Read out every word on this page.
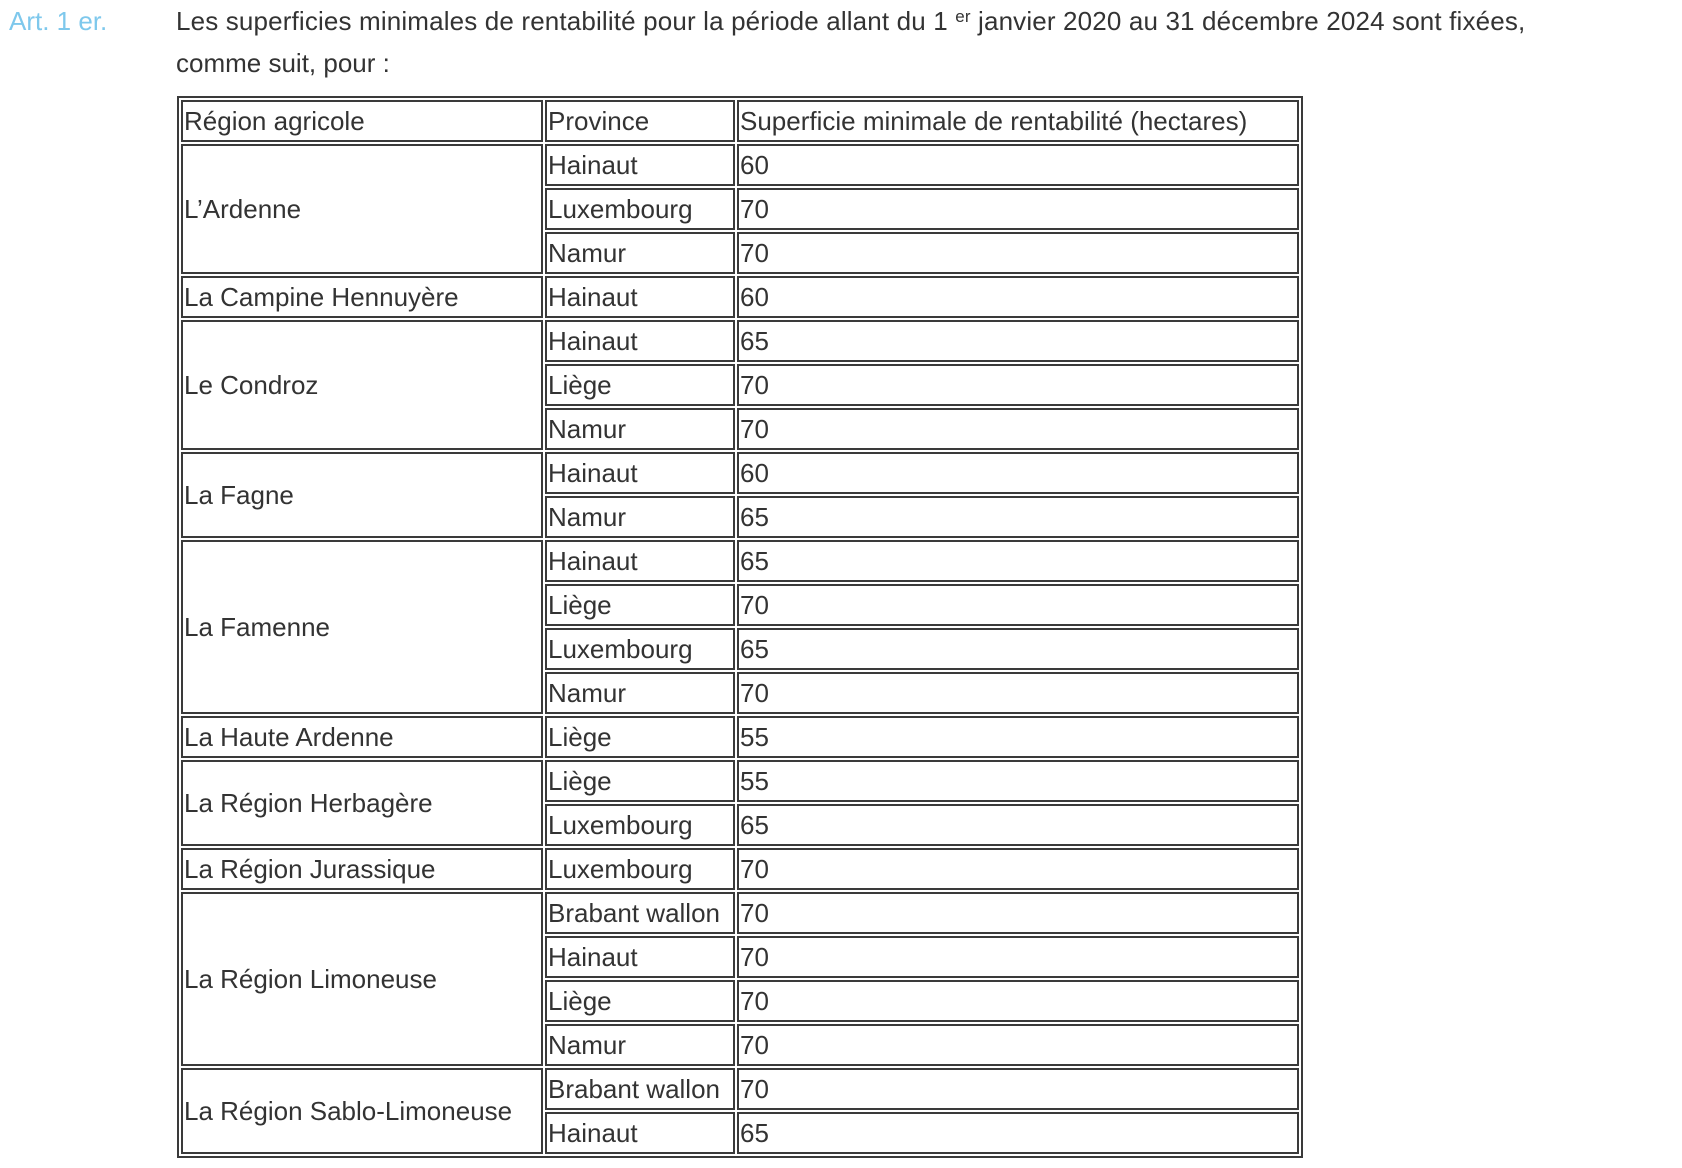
Art. 1 er.	Les superficies minimales de rentabilité pour la période allant du 1 $^{er}$ janvier 2020 au 31 décembre 2024 sont fixées,
comme suit, pour :
Région agricole	Province	Superficie minimale de rentabilité (hectares)
L’Ardenne	Hainaut	60
	Luxembourg	70
	Namur	70
La Campine Hennuyère	Hainaut	60
Le Condroz	Hainaut	65
	Liège	70
	Namur	70
La Fagne	Hainaut	60
	Namur	65
La Famenne	Hainaut	65
	Liège	70
	Luxembourg	65
	Namur	70
La Haute Ardenne	Liège	55
La Région Herbagère	Liège	55
	Luxembourg	65
La Région Jurassique	Luxembourg	70
La Région Limoneuse	Brabant wallon	70
	Hainaut	70
	Liège	70
	Namur	70
La Région Sablo-Limoneuse	Brabant wallon	70
	Hainaut	65
